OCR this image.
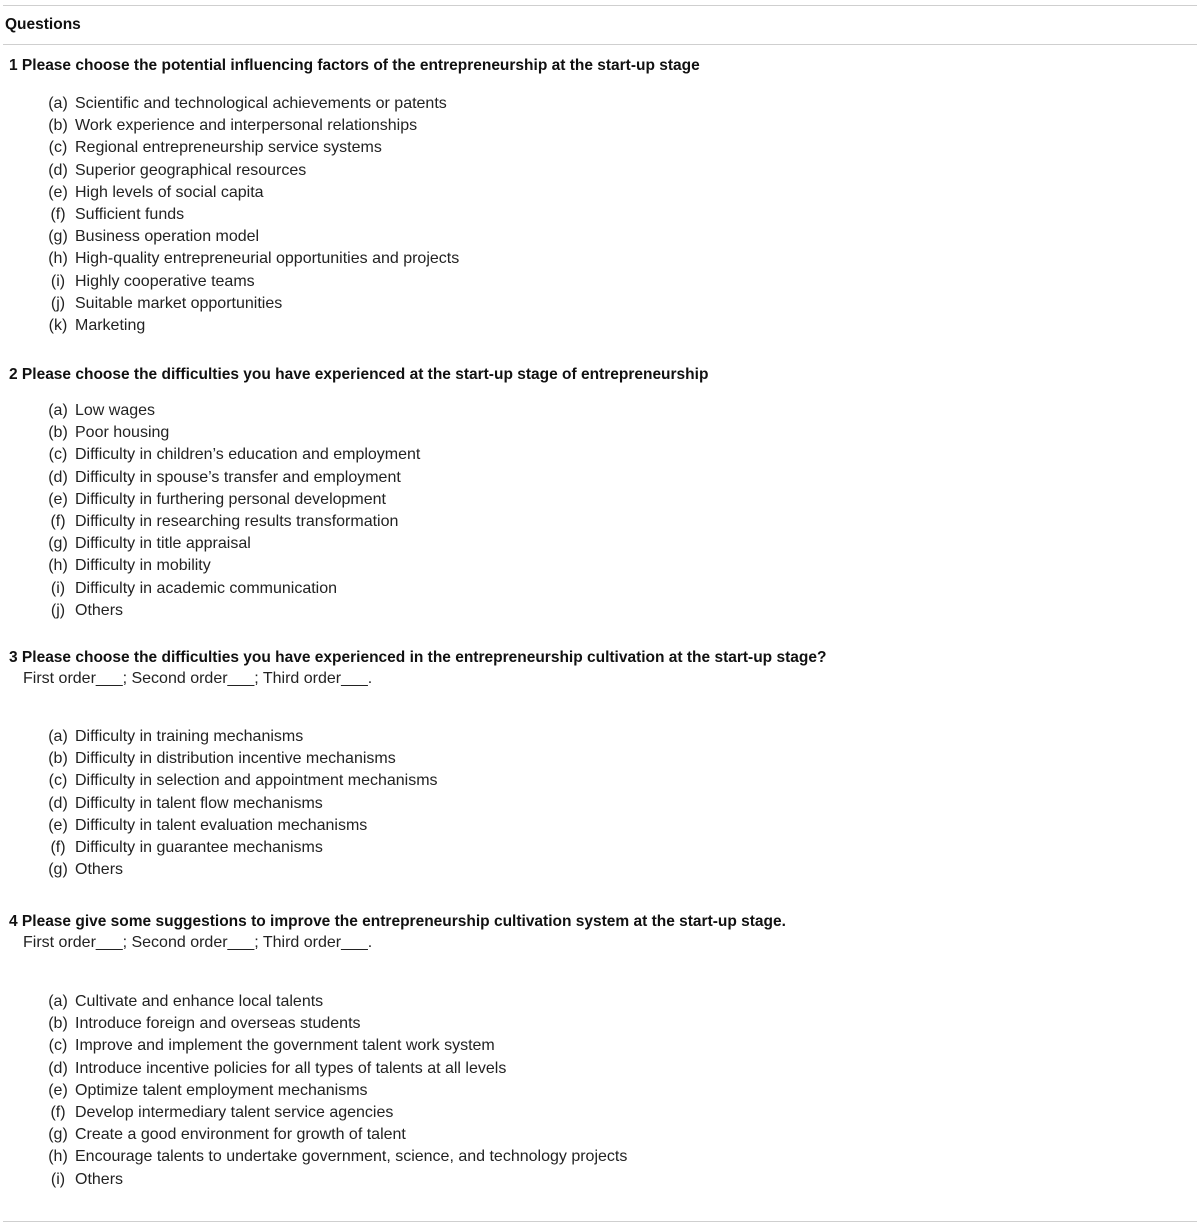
Questions
1 Please choose the potential influencing factors of the entrepreneurship at the start-up stage
(a) Scientific and technological achievements or patents
(b) Work experience and interpersonal relationships
(c) Regional entrepreneurship service systems
(d) Superior geographical resources
(e) High levels of social capita
(f) Sufficient funds
(g) Business operation model
(h) High-quality entrepreneurial opportunities and projects
(i) Highly cooperative teams
(j) Suitable market opportunities
(k) Marketing
2 Please choose the difficulties you have experienced at the start-up stage of entrepreneurship
(a) Low wages
(b) Poor housing
(c) Difficulty in children’s education and employment
(d) Difficulty in spouse’s transfer and employment
(e) Difficulty in furthering personal development
(f) Difficulty in researching results transformation
(g) Difficulty in title appraisal
(h) Difficulty in mobility
(i) Difficulty in academic communication
(j) Others
3 Please choose the difficulties you have experienced in the entrepreneurship cultivation at the start-up stage?
First order___; Second order___; Third order___.
(a) Difficulty in training mechanisms
(b) Difficulty in distribution incentive mechanisms
(c) Difficulty in selection and appointment mechanisms
(d) Difficulty in talent flow mechanisms
(e) Difficulty in talent evaluation mechanisms
(f) Difficulty in guarantee mechanisms
(g) Others
4 Please give some suggestions to improve the entrepreneurship cultivation system at the start-up stage.
First order___; Second order___; Third order___.
(a) Cultivate and enhance local talents
(b) Introduce foreign and overseas students
(c) Improve and implement the government talent work system
(d) Introduce incentive policies for all types of talents at all levels
(e) Optimize talent employment mechanisms
(f) Develop intermediary talent service agencies
(g) Create a good environment for growth of talent
(h) Encourage talents to undertake government, science, and technology projects
(i) Others
